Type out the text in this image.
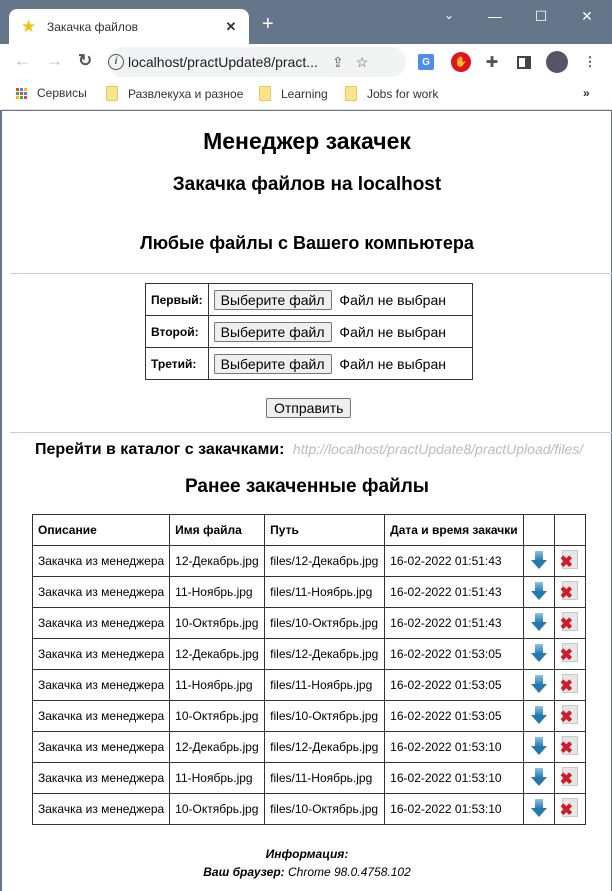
★ Закачка файлов	✕ +	⌄	—	☐	✕
← → ↻	i localhost/practUpdate8/pract... ⇪ ☆	G	✋ ✚	⋮
Сервисы	Развлекуха и разное	Learning	Jobs for work	»
Менеджер закачек
Закачка файлов на localhost
Любые файлы с Вашего компьютера
Первый:	Выберите файл Файл не выбран
Второй:	Выберите файл Файл не выбран
Третий:	Выберите файл Файл не выбран
Отправить
Перейти в каталог с закачками: http://localhost/practUpdate8/practUpload/files/
Ранее закаченные файлы
Описание	Имя файла	Путь	Дата и время закачки		
Закачка из менеджера	12-Декабрь.jpg	files/12-Декабрь.jpg	16-02-2022 01:51:43		✖

Закачка из менеджера	11-Ноябрь.jpg	files/11-Ноябрь.jpg	16-02-2022 01:51:43		✖

Закачка из менеджера	10-Октябрь.jpg	files/10-Октябрь.jpg	16-02-2022 01:51:43		✖

Закачка из менеджера	12-Декабрь.jpg	files/12-Декабрь.jpg	16-02-2022 01:53:05		✖

Закачка из менеджера	11-Ноябрь.jpg	files/11-Ноябрь.jpg	16-02-2022 01:53:05		✖

Закачка из менеджера	10-Октябрь.jpg	files/10-Октябрь.jpg	16-02-2022 01:53:05		✖

Закачка из менеджера	12-Декабрь.jpg	files/12-Декабрь.jpg	16-02-2022 01:53:10		✖

Закачка из менеджера	11-Ноябрь.jpg	files/11-Ноябрь.jpg	16-02-2022 01:53:10		✖

Закачка из менеджера	10-Октябрь.jpg	files/10-Октябрь.jpg	16-02-2022 01:53:10		✖
Информация:
Ваш браузер: Chrome 98.0.4758.102
